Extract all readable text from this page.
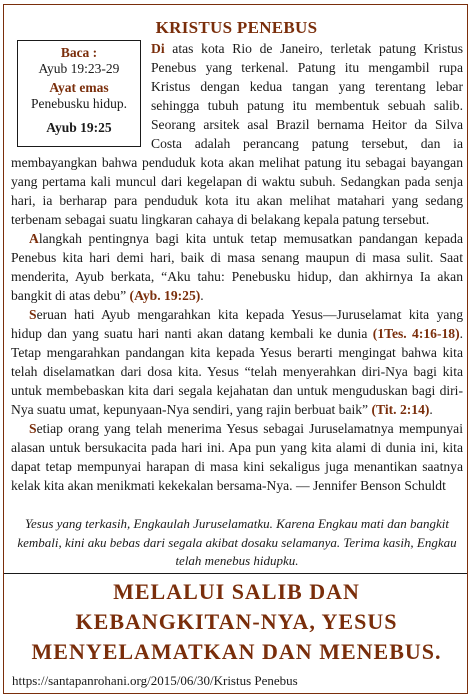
KRISTUS PENEBUS
Baca :
Ayub 19:23-29
Ayat emas
Penebusku hidup.
Ayub 19:25

Di atas kota Rio de Janeiro, terletak patung Kristus Penebus yang terkenal. Patung itu mengambil rupa Kristus dengan kedua tangan yang terentang lebar sehingga tubuh patung itu membentuk sebuah salib. Seorang arsitek asal Brazil bernama Heitor da Silva Costa adalah perancang patung tersebut, dan ia membayangkan bahwa penduduk kota akan melihat patung itu sebagai bayangan yang pertama kali muncul dari kegelapan di waktu subuh. Sedangkan pada senja hari, ia berharap para penduduk kota itu akan melihat matahari yang sedang terbenam sebagai suatu lingkaran cahaya di belakang kepala patung tersebut.

Alangkah pentingnya bagi kita untuk tetap memusatkan pandangan kepada Penebus kita hari demi hari, baik di masa senang maupun di masa sulit. Saat menderita, Ayub berkata, “Aku tahu: Penebusku hidup, dan akhirnya Ia akan bangkit di atas debu” (Ayb. 19:25).

Seruan hati Ayub mengarahkan kita kepada Yesus—Juruselamat kita yang hidup dan yang suatu hari nanti akan datang kembali ke dunia (1Tes. 4:16-18). Tetap mengarahkan pandangan kita kepada Yesus berarti mengingat bahwa kita telah diselamatkan dari dosa kita. Yesus “telah menyerahkan diri-Nya bagi kita untuk membebaskan kita dari segala kejahatan dan untuk menguduskan bagi diri-Nya suatu umat, kepunyaan-Nya sendiri, yang rajin berbuat baik” (Tit. 2:14).

Setiap orang yang telah menerima Yesus sebagai Juruselamatnya mempunyai alasan untuk bersukacita pada hari ini. Apa pun yang kita alami di dunia ini, kita dapat tetap mempunyai harapan di masa kini sekaligus juga menantikan saatnya kelak kita akan menikmati kekekalan bersama-Nya. — Jennifer Benson Schuldt

Yesus yang terkasih, Engkaulah Juruselamatku. Karena Engkau mati dan bangkit kembali, kini aku bebas dari segala akibat dosaku selamanya. Terima kasih, Engkau telah menebus hidupku.
MELALUI SALIB DAN
KEBANGKITAN-NYA, YESUS
MENYELAMATKAN DAN MENEBUS.
https://santapanrohani.org/2015/06/30/Kristus Penebus
